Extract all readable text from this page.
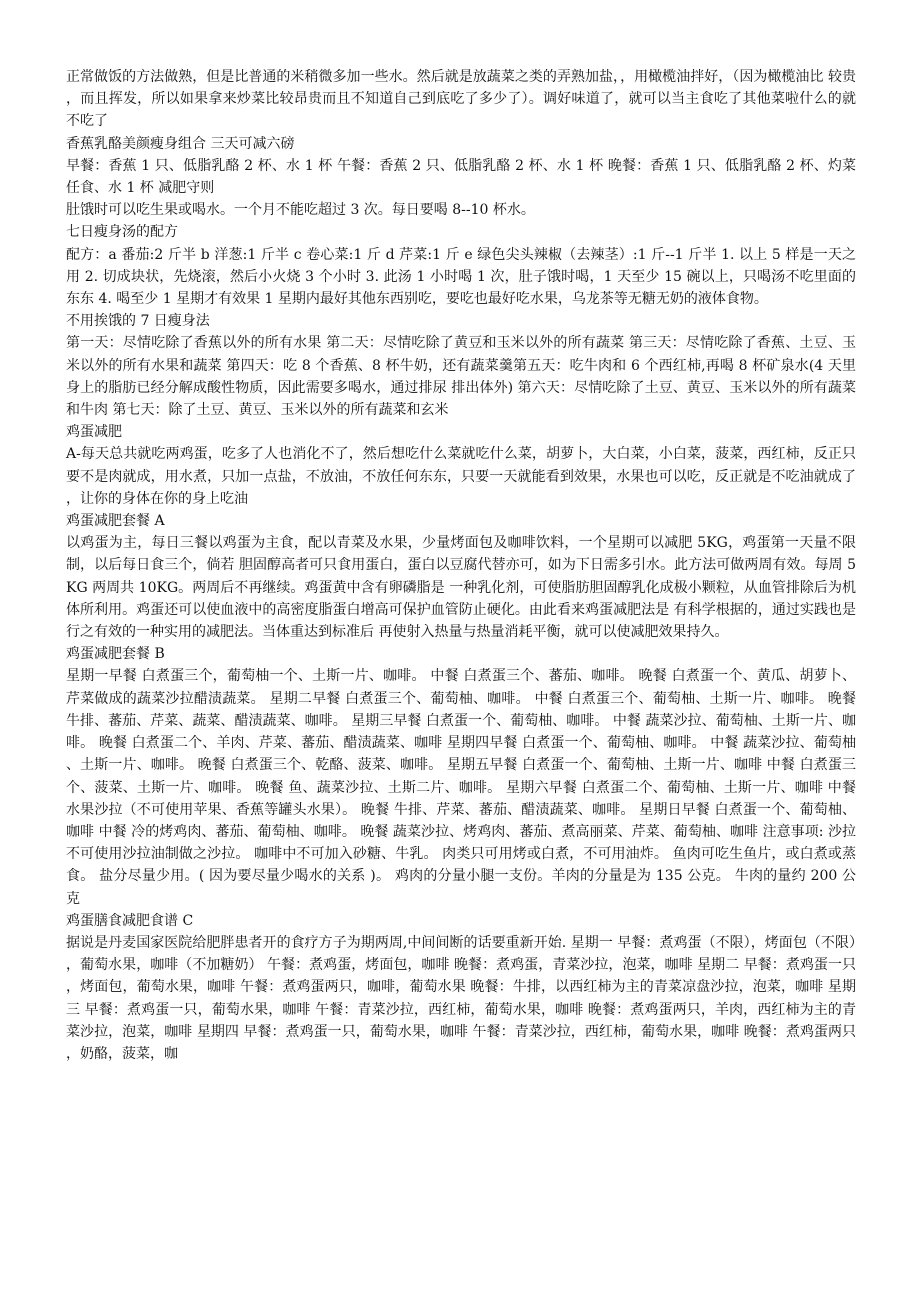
正常做饭的方法做熟，但是比普通的米稍微多加一些水。然后就是放蔬菜之类的弄熟加盐，，用橄榄油拌好，（因为橄榄油比 较贵，而且挥发，所以如果拿来炒菜比较昂贵而且不知道自己到底吃了多少了）。调好味道了，就可以当主食吃了其他菜啦什么的就不吃了

香蕉乳酪美颜瘦身组合 三天可减六磅

早餐：香蕉 1 只、低脂乳酪 2 杯、水 1 杯 午餐：香蕉 2 只、低脂乳酪 2 杯、水 1 杯 晚餐：香蕉 1 只、低脂乳酪 2 杯、灼菜任食、水 1 杯 减肥守则

肚饿时可以吃生果或喝水。一个月不能吃超过 3 次。每日要喝 8--10 杯水。

七日瘦身汤的配方

配方：a 番茄:2 斤半 b 洋葱:1 斤半 c 卷心菜:1 斤 d 芹菜:1 斤 e 绿色尖头辣椒（去辣茎）:1 斤--1 斤半 1. 以上 5 样是一天之用 2. 切成块状，先烧滚，然后小火烧 3 个小时 3. 此汤 1 小时喝 1 次，肚子饿时喝，1 天至少 15 碗以上，只喝汤不吃里面的东东 4. 喝至少 1 星期才有效果 1 星期内最好其他东西别吃，要吃也最好吃水果，乌龙茶等无糖无奶的液体食物。

不用挨饿的 7 日瘦身法

第一天：尽情吃除了香蕉以外的所有水果 第二天：尽情吃除了黄豆和玉米以外的所有蔬菜 第三天：尽情吃除了香蕉、土豆、玉米以外的所有水果和蔬菜 第四天：吃 8 个香蕉、8 杯牛奶，还有蔬菜羹第五天：吃牛肉和 6 个西红柿,再喝 8 杯矿泉水(4 天里身上的脂肪已经分解成酸性物质，因此需要多喝水，通过排尿 排出体外) 第六天：尽情吃除了土豆、黄豆、玉米以外的所有蔬菜和牛肉 第七天：除了土豆、黄豆、玉米以外的所有蔬菜和玄米

鸡蛋减肥

A-每天总共就吃两鸡蛋，吃多了人也消化不了，然后想吃什么菜就吃什么菜，胡萝卜，大白菜，小白菜，菠菜，西红柿，反正只要不是肉就成，用水煮，只加一点盐，不放油，不放任何东东，只要一天就能看到效果，水果也可以吃，反正就是不吃油就成了，让你的身体在你的身上吃油

鸡蛋减肥套餐 A

以鸡蛋为主，每日三餐以鸡蛋为主食，配以青菜及水果，少量烤面包及咖啡饮料，一个星期可以减肥 5KG，鸡蛋第一天量不限制，以后每日食三个，倘若 胆固醇高者可只食用蛋白，蛋白以豆腐代替亦可，如为下日需多引水。此方法可做两周有效。每周 5KG 两周共 10KG。两周后不再继续。鸡蛋黄中含有卵磷脂是 一种乳化剂，可使脂肪胆固醇乳化成极小颗粒，从血管排除后为机体所利用。鸡蛋还可以使血液中的高密度脂蛋白增高可保护血管防止硬化。由此看来鸡蛋减肥法是 有科学根据的，通过实践也是行之有效的一种实用的减肥法。当体重达到标准后 再使射入热量与热量消耗平衡，就可以使减肥效果持久。

鸡蛋减肥套餐 B

星期一早餐 白煮蛋三个，葡萄柚一个、土斯一片、咖啡。 中餐 白煮蛋三个、蕃茄、咖啡。 晚餐 白煮蛋一个、黄瓜、胡萝卜、芹菜做成的蔬菜沙拉醋渍蔬菜。 星期二早餐 白煮蛋三个、葡萄柚、咖啡。 中餐 白煮蛋三个、葡萄柚、土斯一片、咖啡。 晚餐 牛排、蕃茄、芹菜、蔬菜、醋渍蔬菜、咖啡。 星期三早餐 白煮蛋一个、葡萄柚、咖啡。 中餐 蔬菜沙拉、葡萄柚、土斯一片、咖啡。 晚餐 白煮蛋二个、羊肉、芹菜、蕃茄、醋渍蔬菜、咖啡 星期四早餐 白煮蛋一个、葡萄柚、咖啡。 中餐 蔬菜沙拉、葡萄柚、土斯一片、咖啡。 晚餐 白煮蛋三个、乾酪、菠菜、咖啡。 星期五早餐 白煮蛋一个、葡萄柚、土斯一片、咖啡 中餐 白煮蛋三个、菠菜、土斯一片、咖啡。 晚餐 鱼、蔬菜沙拉、土斯二片、咖啡。 星期六早餐 白煮蛋二个、葡萄柚、土斯一片、咖啡 中餐 水果沙拉（不可使用苹果、香蕉等罐头水果）。 晚餐 牛排、芹菜、蕃茄、醋渍蔬菜、咖啡。 星期日早餐 白煮蛋一个、葡萄柚、咖啡 中餐 冷的烤鸡肉、蕃茄、葡萄柚、咖啡。 晚餐 蔬菜沙拉、烤鸡肉、蕃茄、煮高丽菜、芹菜、葡萄柚、咖啡 注意事项: 沙拉不可使用沙拉油制做之沙拉。 咖啡中不可加入砂糖、牛乳。 肉类只可用烤或白煮，不可用油炸。 鱼肉可吃生鱼片，或白煮或蒸食。 盐分尽量少用。( 因为要尽量少喝水的关系 )。 鸡肉的分量小腿一支份。羊肉的分量是为 135 公克。 牛肉的量约 200 公克

鸡蛋膳食减肥食谱 C

据说是丹麦国家医院给肥胖患者开的食疗方子为期两周,中间间断的话要重新开始. 星期一 早餐：煮鸡蛋（不限），烤面包（不限），葡萄水果，咖啡（不加糖奶） 午餐：煮鸡蛋，烤面包，咖啡 晚餐：煮鸡蛋，青菜沙拉，泡菜，咖啡 星期二 早餐：煮鸡蛋一只，烤面包，葡萄水果，咖啡 午餐：煮鸡蛋两只，咖啡，葡萄水果 晚餐：牛排，以西红柿为主的青菜凉盘沙拉，泡菜，咖啡 星期三 早餐：煮鸡蛋一只，葡萄水果，咖啡 午餐：青菜沙拉，西红柿，葡萄水果，咖啡 晚餐：煮鸡蛋两只，羊肉，西红柿为主的青菜沙拉，泡菜，咖啡 星期四 早餐：煮鸡蛋一只，葡萄水果，咖啡 午餐：青菜沙拉，西红柿，葡萄水果，咖啡 晚餐：煮鸡蛋两只，奶酪，菠菜，咖
